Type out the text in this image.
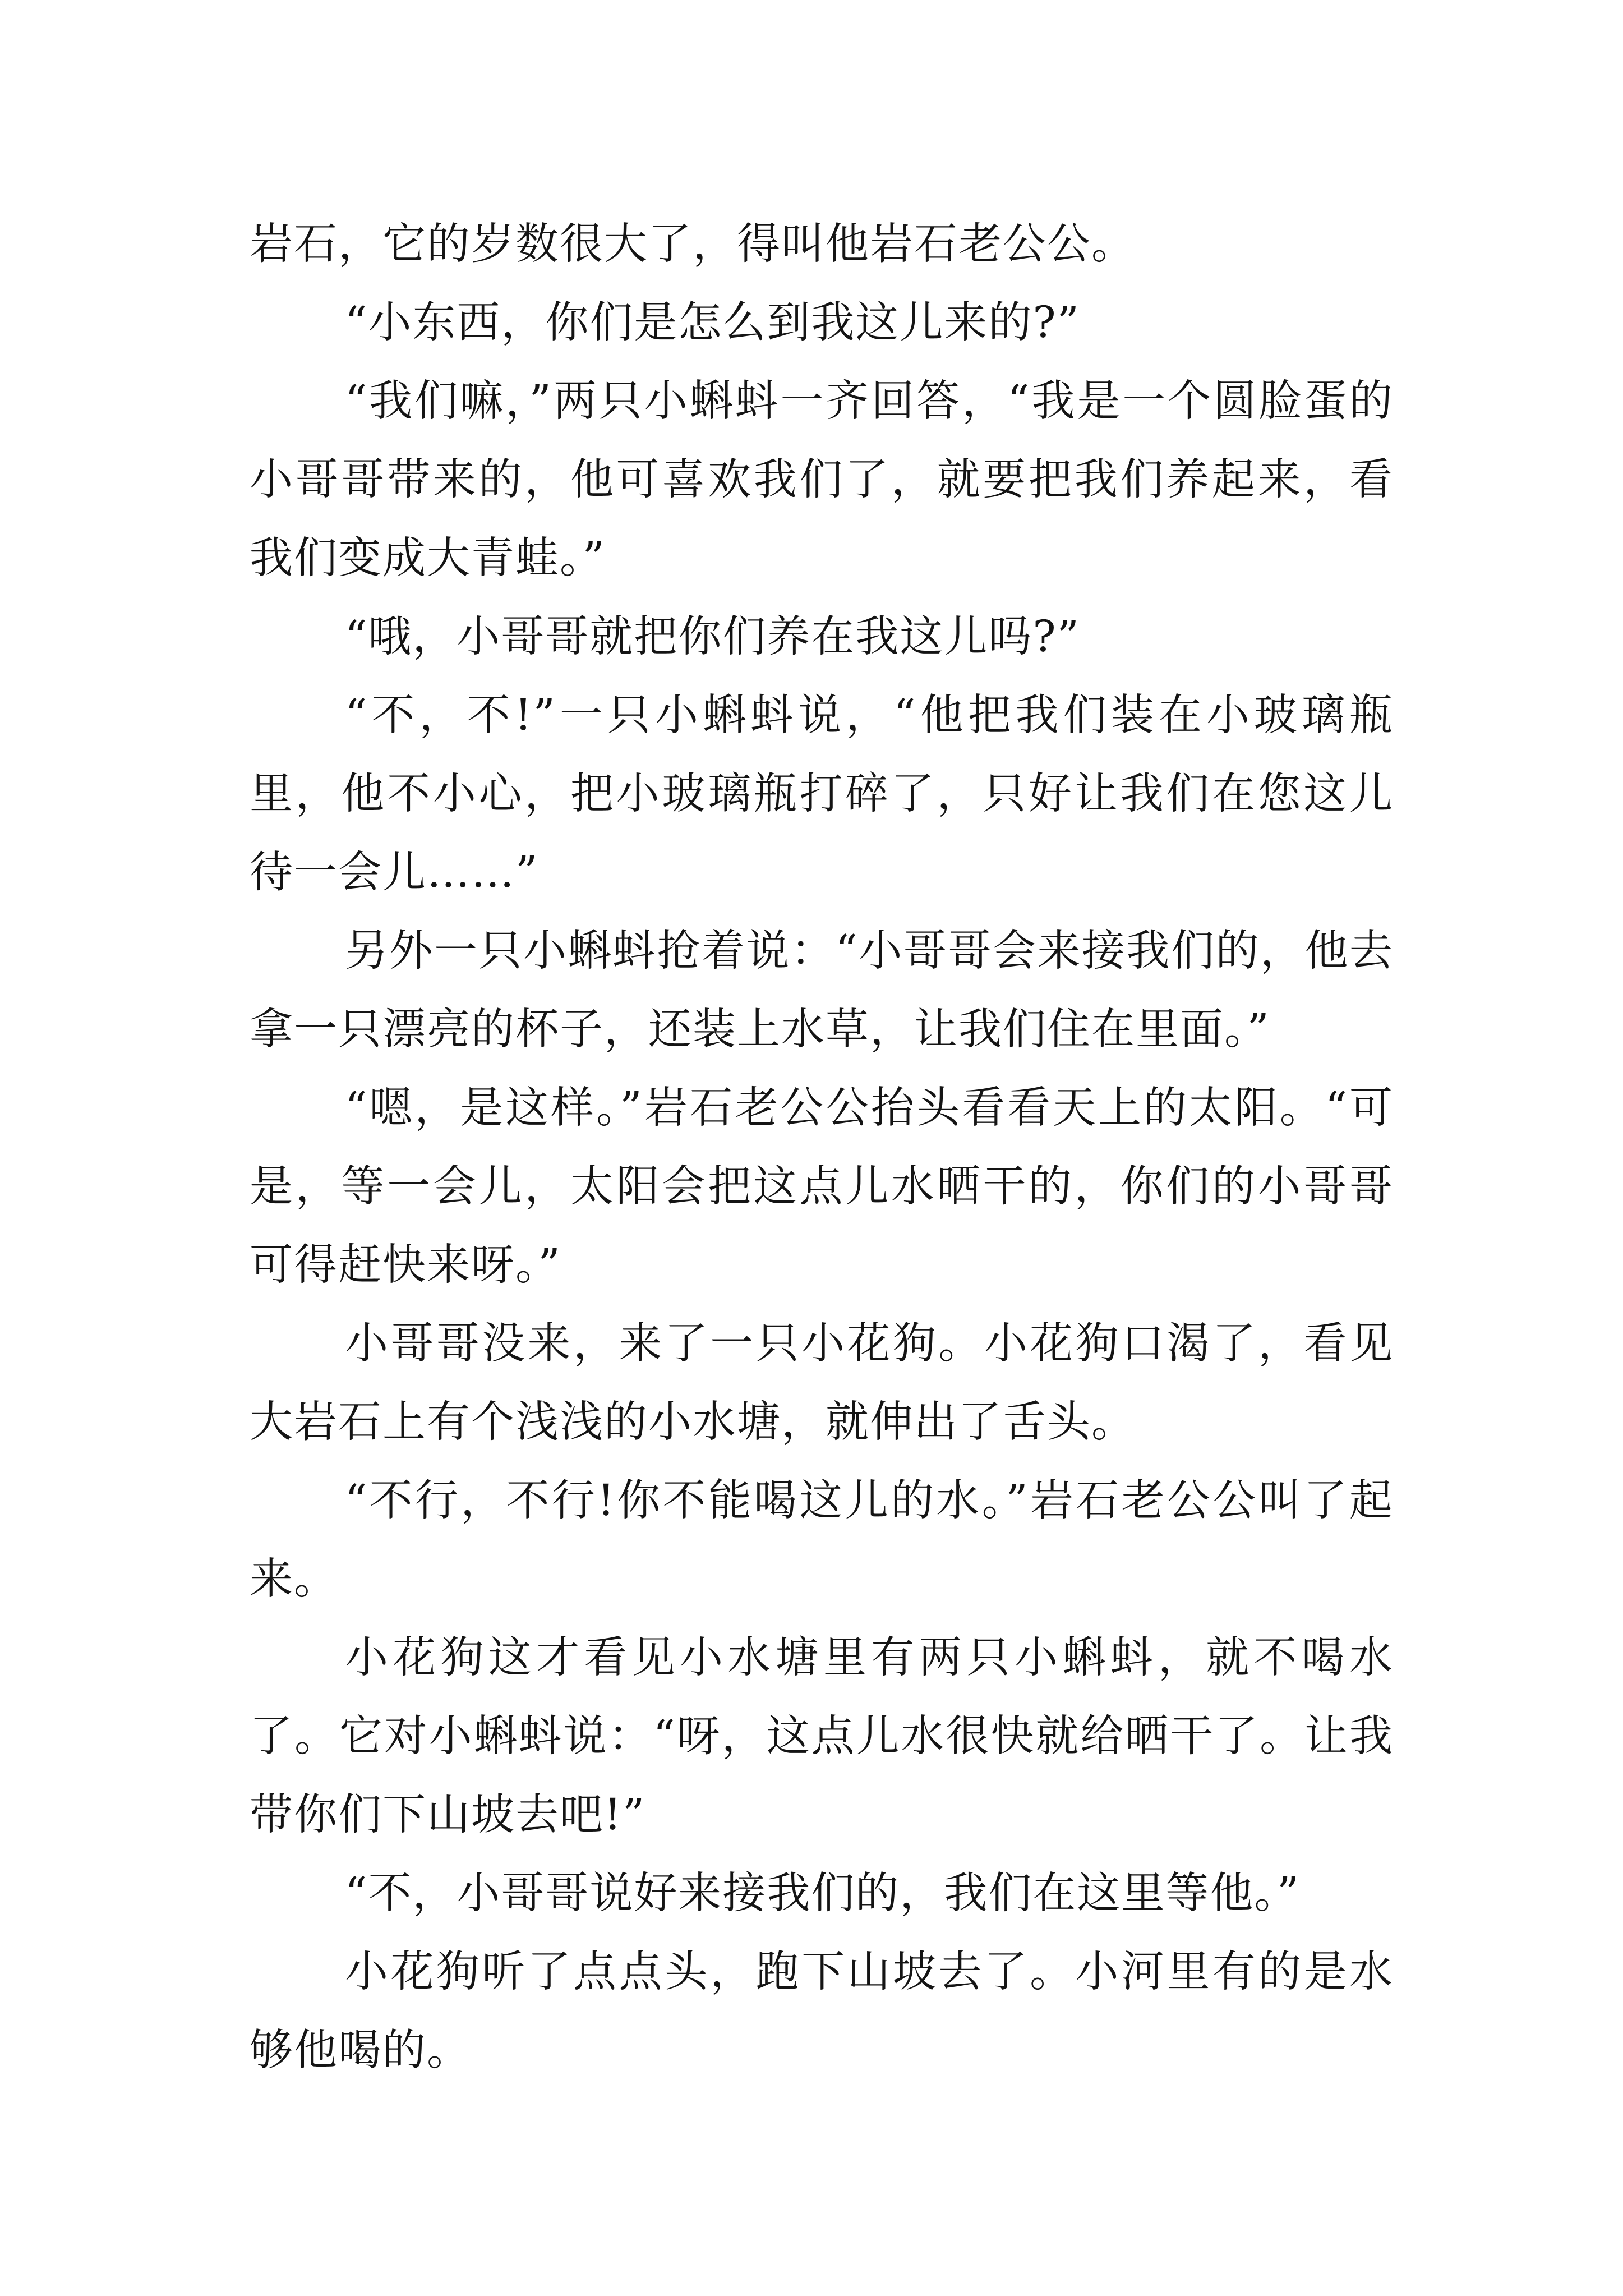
岩石，它的岁数很大了，得叫他岩石老公公。

“小东西，你们是怎么到我这儿来的?”

“我们嘛，”两只小蝌蚪一齐回答，“我是一个圆脸蛋的小哥哥带来的，他可喜欢我们了，就要把我们养起来，看我们变成大青蛙。”

“哦，小哥哥就把你们养在我这儿吗?”

“不，不!”一只小蝌蚪说，“他把我们装在小玻璃瓶里，他不小心，把小玻璃瓶打碎了，只好让我们在您这儿待一会儿……”

另外一只小蝌蚪抢着说：“小哥哥会来接我们的，他去拿一只漂亮的杯子，还装上水草，让我们住在里面。”

“嗯，是这样。”岩石老公公抬头看看天上的太阳。“可是，等一会儿，太阳会把这点儿水晒干的，你们的小哥哥可得赶快来呀。”

小哥哥没来，来了一只小花狗。小花狗口渴了，看见大岩石上有个浅浅的小水塘，就伸出了舌头。

“不行，不行!你不能喝这儿的水。”岩石老公公叫了起来。

小花狗这才看见小水塘里有两只小蝌蚪，就不喝水了。它对小蝌蚪说：“呀，这点儿水很快就给晒干了。让我带你们下山坡去吧!”

“不，小哥哥说好来接我们的，我们在这里等他。”

小花狗听了点点头，跑下山坡去了。小河里有的是水够他喝的。
